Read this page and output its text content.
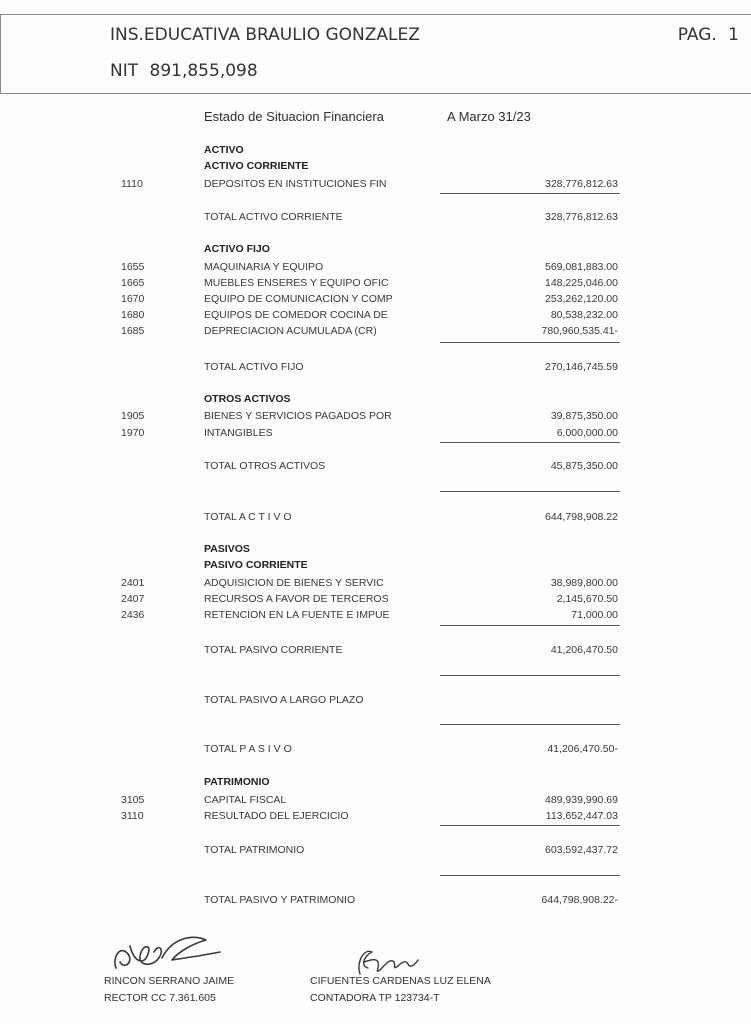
INS.EDUCATIVA BRAULIO GONZALEZ	PAG. 1
NIT 891,855,098
Estado de Situacion Financiera	A Marzo 31/23
ACTIVO
ACTIVO CORRIENTE
1110	DEPOSITOS EN INSTITUCIONES FIN	328,776,812.63
TOTAL ACTIVO CORRIENTE	328,776,812.63
ACTIVO FIJO
1655	MAQUINARIA Y EQUIPO	569,081,883.00
1665	MUEBLES ENSERES Y EQUIPO OFIC	148,225,046.00
1670	EQUIPO DE COMUNICACION Y COMP	253,262,120.00
1680	EQUIPOS DE COMEDOR COCINA DE	80,538,232.00
1685	DEPRECIACION ACUMULADA (CR)	780,960,535.41-
TOTAL ACTIVO FIJO	270,146,745.59
OTROS ACTIVOS
1905	BIENES Y SERVICIOS PAGADOS POR	39,875,350.00
1970	INTANGIBLES	6,000,000.00
TOTAL OTROS ACTIVOS	45,875,350.00
TOTAL A C T I V O	644,798,908.22
PASIVOS
PASIVO CORRIENTE
2401	ADQUISICION DE BIENES Y SERVIC	38,989,800.00
2407	RECURSOS A FAVOR DE TERCEROS	2,145,670.50
2436	RETENCION EN LA FUENTE E IMPUE	71,000.00
TOTAL PASIVO CORRIENTE	41,206,470.50
TOTAL PASIVO A LARGO PLAZO
TOTAL P A S I V O	41,206,470.50-
PATRIMONIO
3105	CAPITAL FISCAL	489,939,990.69
3110	RESULTADO DEL EJERCICIO	113,652,447.03
TOTAL PATRIMONIO	603,592,437.72
TOTAL PASIVO Y PATRIMONIO	644,798,908.22-
RINCON SERRANO JAIME
RECTOR CC 7.361.605
CIFUENTES CARDENAS LUZ ELENA
CONTADORA TP 123734-T
